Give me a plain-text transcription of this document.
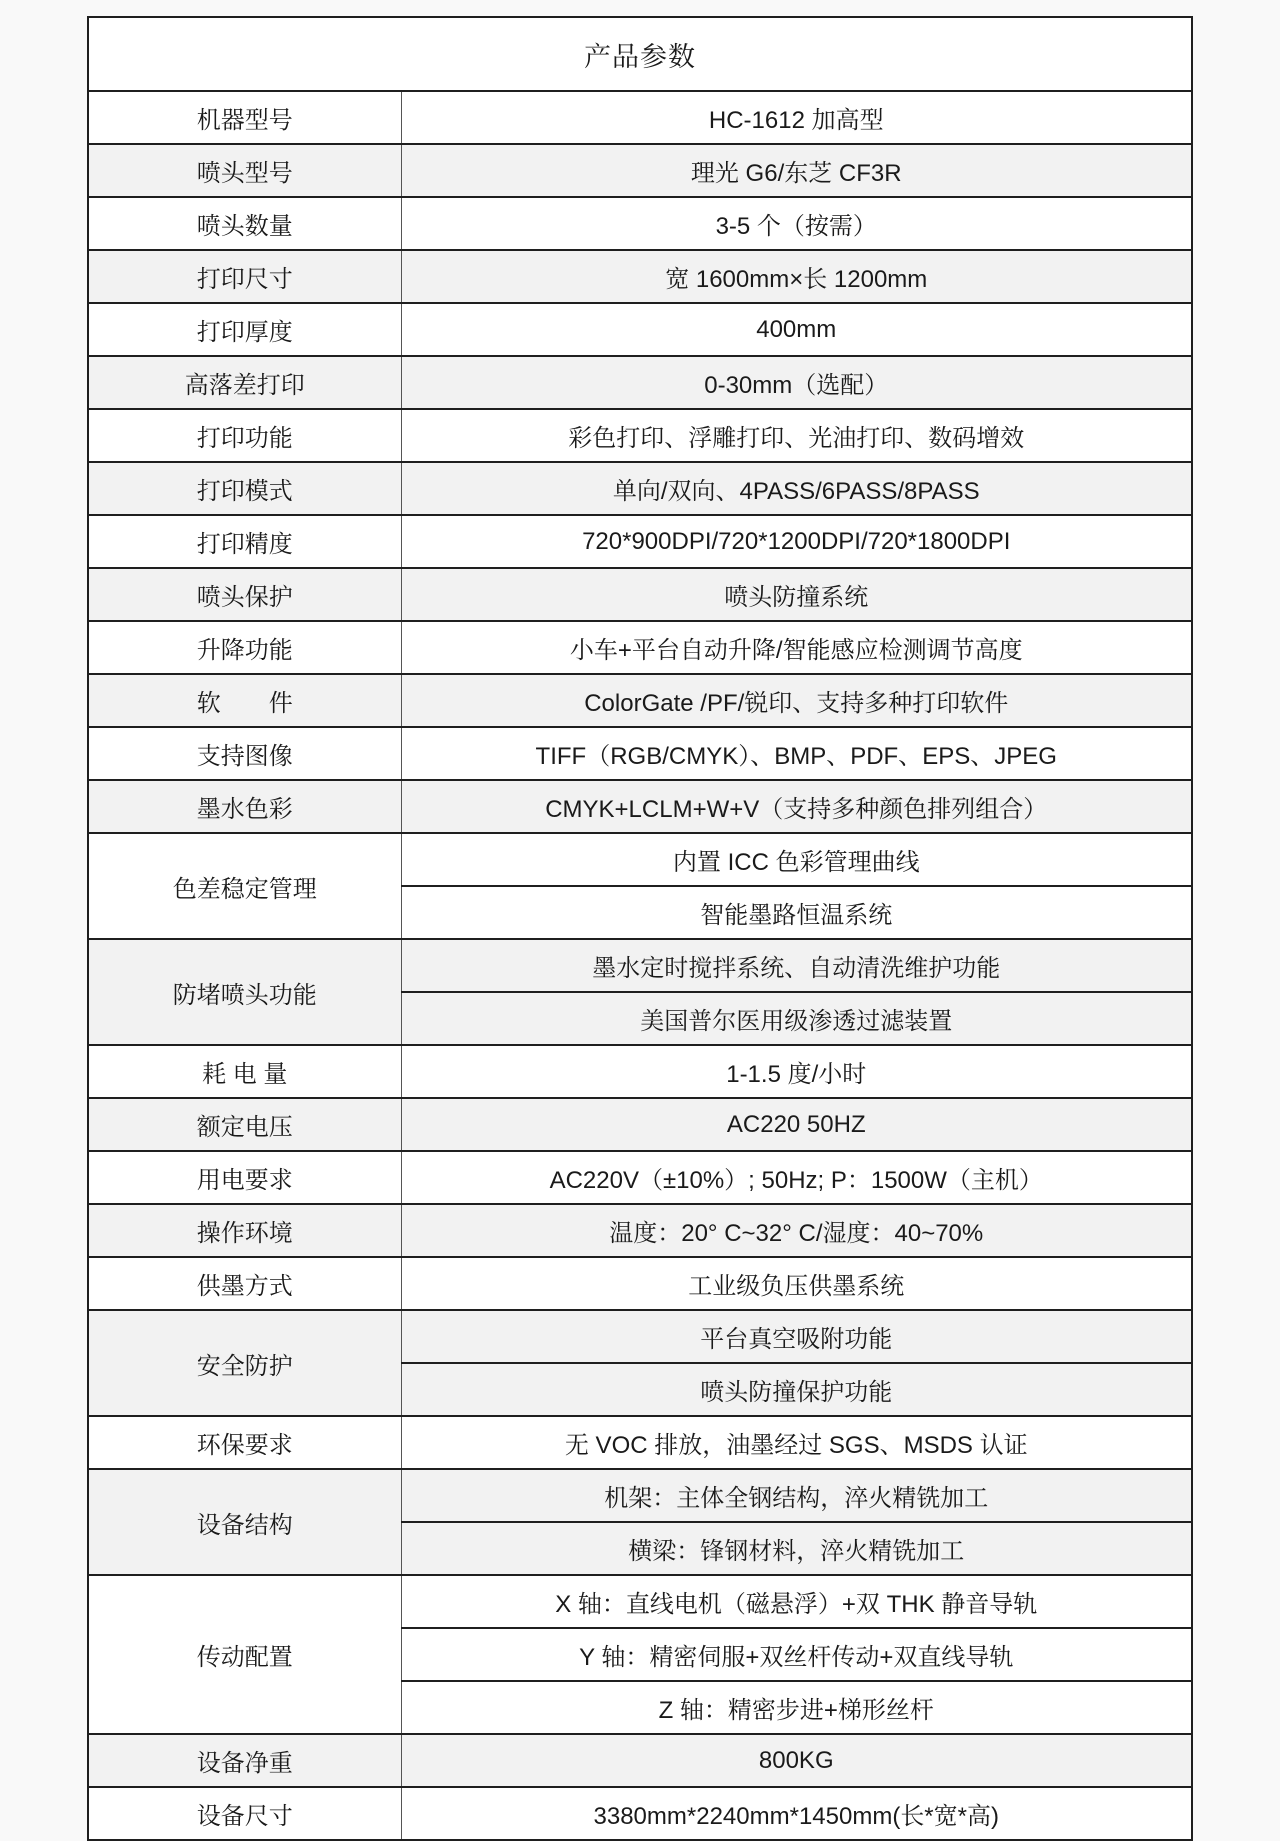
产品参数	
机器型号	HC-1612 加高型
喷头型号	理光 G6/东芝 CF3R
喷头数量	3-5 个（按需）
打印尺寸	宽 1600mm×长 1200mm
打印厚度	400mm
高落差打印	0-30mm（选配）
打印功能	彩色打印、浮雕打印、光油打印、数码增效
打印模式	单向/双向、4PASS/6PASS/8PASS
打印精度	720*900DPI/720*1200DPI/720*1800DPI
喷头保护	喷头防撞系统
升降功能	小车+平台自动升降/智能感应检测调节高度
软　　件	ColorGate /PF/锐印、支持多种打印软件
支持图像	TIFF（RGB/CMYK）、BMP、PDF、EPS、JPEG
墨水色彩	CMYK+LCLM+W+V（支持多种颜色排列组合）
色差稳定管理	内置 ICC 色彩管理曲线
	智能墨路恒温系统
防堵喷头功能	墨水定时搅拌系统、自动清洗维护功能
	美国普尔医用级渗透过滤装置
耗 电 量	1-1.5 度/小时
额定电压	AC220 50HZ
用电要求	AC220V（±10%）; 50Hz; P：1500W（主机）
操作环境	温度：20° C~32° C/湿度：40~70%
供墨方式	工业级负压供墨系统
安全防护	平台真空吸附功能
	喷头防撞保护功能
环保要求	无 VOC 排放，油墨经过 SGS、MSDS 认证
设备结构	机架：主体全钢结构，淬火精铣加工
	横梁：锋钢材料，淬火精铣加工
传动配置	X 轴：直线电机（磁悬浮）+双 THK 静音导轨
	Y 轴：精密伺服+双丝杆传动+双直线导轨
	Z 轴：精密步进+梯形丝杆
设备净重	800KG
设备尺寸	3380mm*2240mm*1450mm(长*宽*高)
